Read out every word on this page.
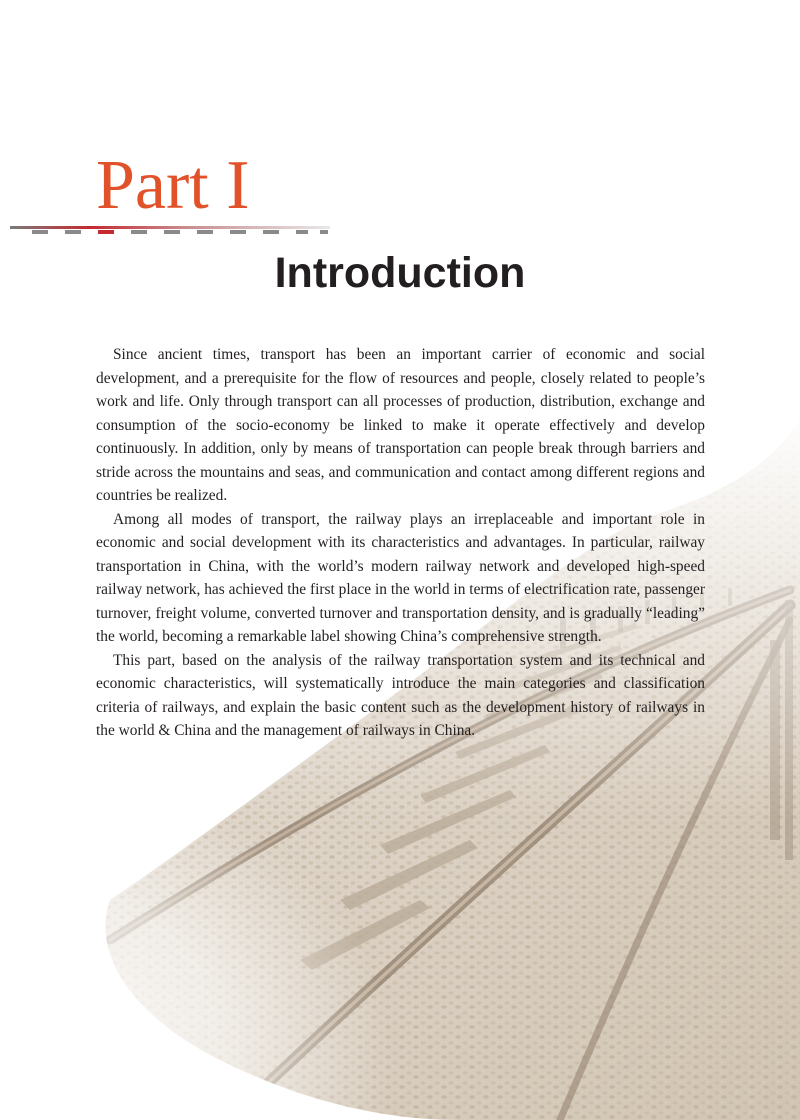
Part I
Introduction

Since ancient times, transport has been an important carrier of economic and social development, and a prerequisite for the flow of resources and people, closely related to people’s work and life. Only through transport can all processes of production, distribution, exchange and consumption of the socio-economy be linked to make it operate effectively and develop continuously. In addition, only by means of transportation can people break through barriers and stride across the mountains and seas, and communication and contact among different regions and countries be realized.

Among all modes of transport, the railway plays an irreplaceable and important role in economic and social development with its characteristics and advantages. In particular, railway transportation in China, with the world’s modern railway network and developed high-speed railway network, has achieved the first place in the world in terms of electrification rate, passenger turnover, freight volume, converted turnover and transportation density, and is gradually “leading” the world, becoming a remarkable label showing China’s comprehensive strength.

This part, based on the analysis of the railway transportation system and its technical and economic characteristics, will systematically introduce the main categories and classification criteria of railways, and explain the basic content such as the development history of railways in the world & China and the management of railways in China.
